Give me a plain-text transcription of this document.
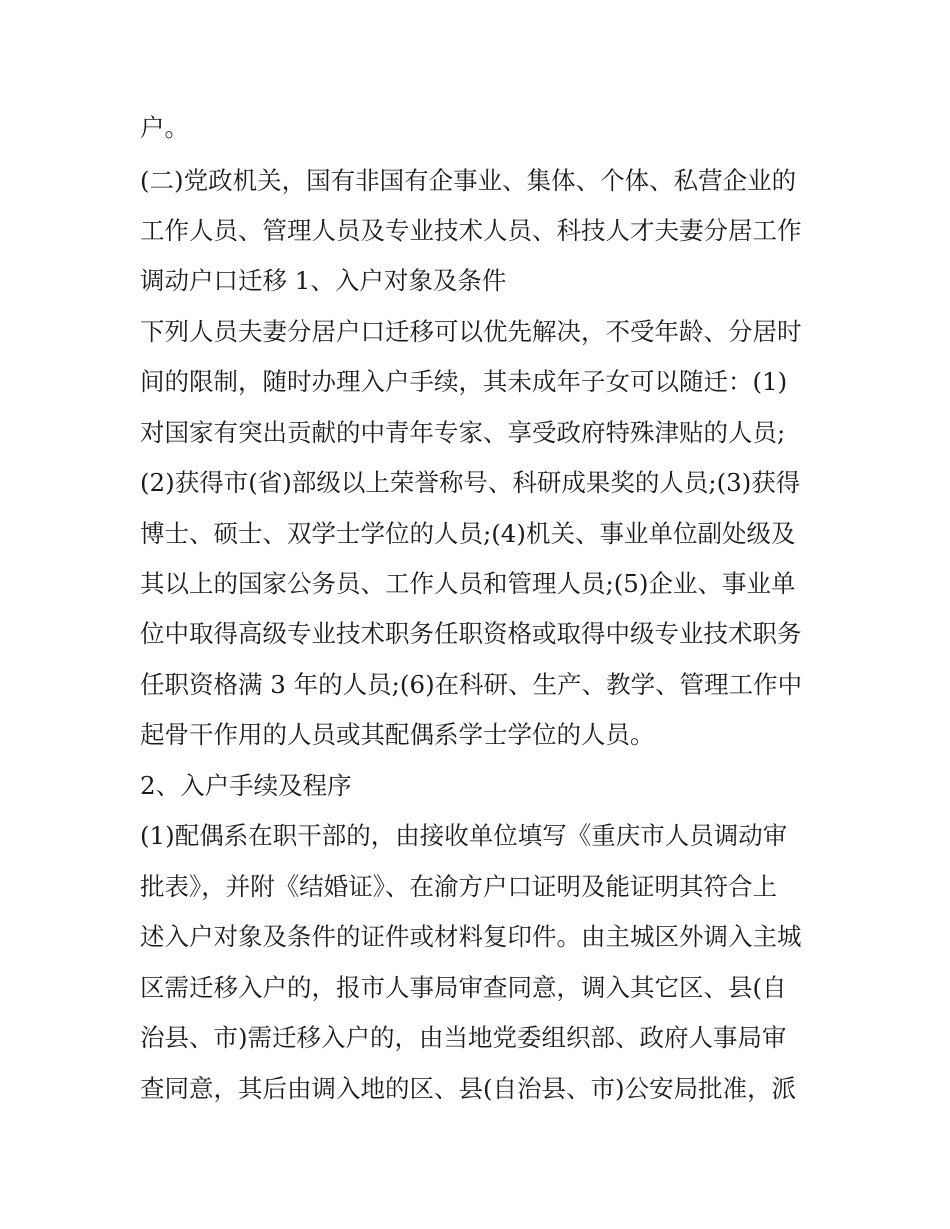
户。
(二)党政机关，国有非国有企事业、集体、个体、私营企业的
工作人员、管理人员及专业技术人员、科技人才夫妻分居工作
调动户口迁移 1、入户对象及条件
下列人员夫妻分居户口迁移可以优先解决，不受年龄、分居时
间的限制，随时办理入户手续，其未成年子女可以随迁：(1)
对国家有突出贡献的中青年专家、享受政府特殊津贴的人员;
(2)获得市(省)部级以上荣誉称号、科研成果奖的人员;(3)获得
博士、硕士、双学士学位的人员;(4)机关、事业单位副处级及
其以上的国家公务员、工作人员和管理人员;(5)企业、事业单
位中取得高级专业技术职务任职资格或取得中级专业技术职务
任职资格满 3 年的人员;(6)在科研、生产、教学、管理工作中
起骨干作用的人员或其配偶系学士学位的人员。
2、入户手续及程序
(1)配偶系在职干部的，由接收单位填写《重庆市人员调动审
批表》，并附《结婚证》、在渝方户口证明及能证明其符合上
述入户对象及条件的证件或材料复印件。由主城区外调入主城
区需迁移入户的，报市人事局审查同意，调入其它区、县(自
治县、市)需迁移入户的，由当地党委组织部、政府人事局审
查同意，其后由调入地的区、县(自治县、市)公安局批准，派
